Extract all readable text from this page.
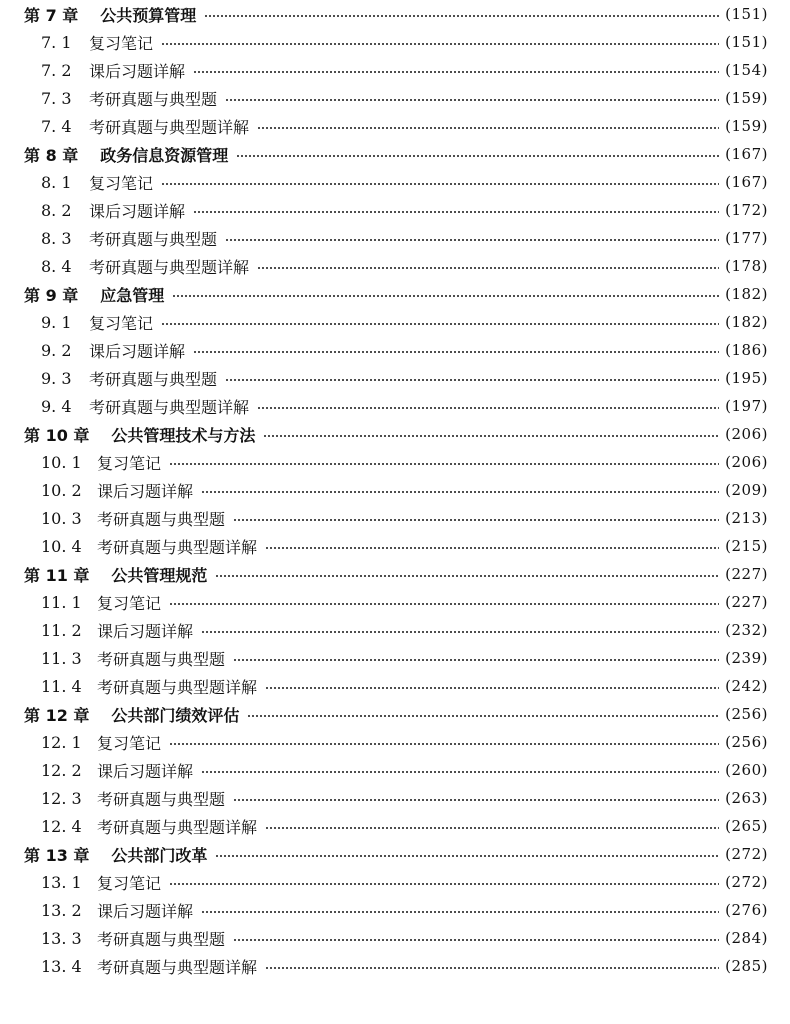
第 7 章 公共预算管理	(151)
7. 1	复习笔记	(151)
7. 2	课后习题详解	(154)
7. 3	考研真题与典型题	(159)
7. 4	考研真题与典型题详解	(159)
第 8 章 政务信息资源管理	(167)
8. 1	复习笔记	(167)
8. 2	课后习题详解	(172)
8. 3	考研真题与典型题	(177)
8. 4	考研真题与典型题详解	(178)
第 9 章 应急管理	(182)
9. 1	复习笔记	(182)
9. 2	课后习题详解	(186)
9. 3	考研真题与典型题	(195)
9. 4	考研真题与典型题详解	(197)
第 10 章 公共管理技术与方法	(206)
10. 1 复习笔记	(206)
10. 2 课后习题详解	(209)
10. 3 考研真题与典型题	(213)
10. 4 考研真题与典型题详解	(215)
第 11 章 公共管理规范	(227)
11. 1 复习笔记	(227)
11. 2 课后习题详解	(232)
11. 3 考研真题与典型题	(239)
11. 4 考研真题与典型题详解	(242)
第 12 章 公共部门绩效评估	(256)
12. 1 复习笔记	(256)
12. 2 课后习题详解	(260)
12. 3 考研真题与典型题	(263)
12. 4 考研真题与典型题详解	(265)
第 13 章 公共部门改革	(272)
13. 1 复习笔记	(272)
13. 2 课后习题详解	(276)
13. 3 考研真题与典型题	(284)
13. 4 考研真题与典型题详解	(285)
